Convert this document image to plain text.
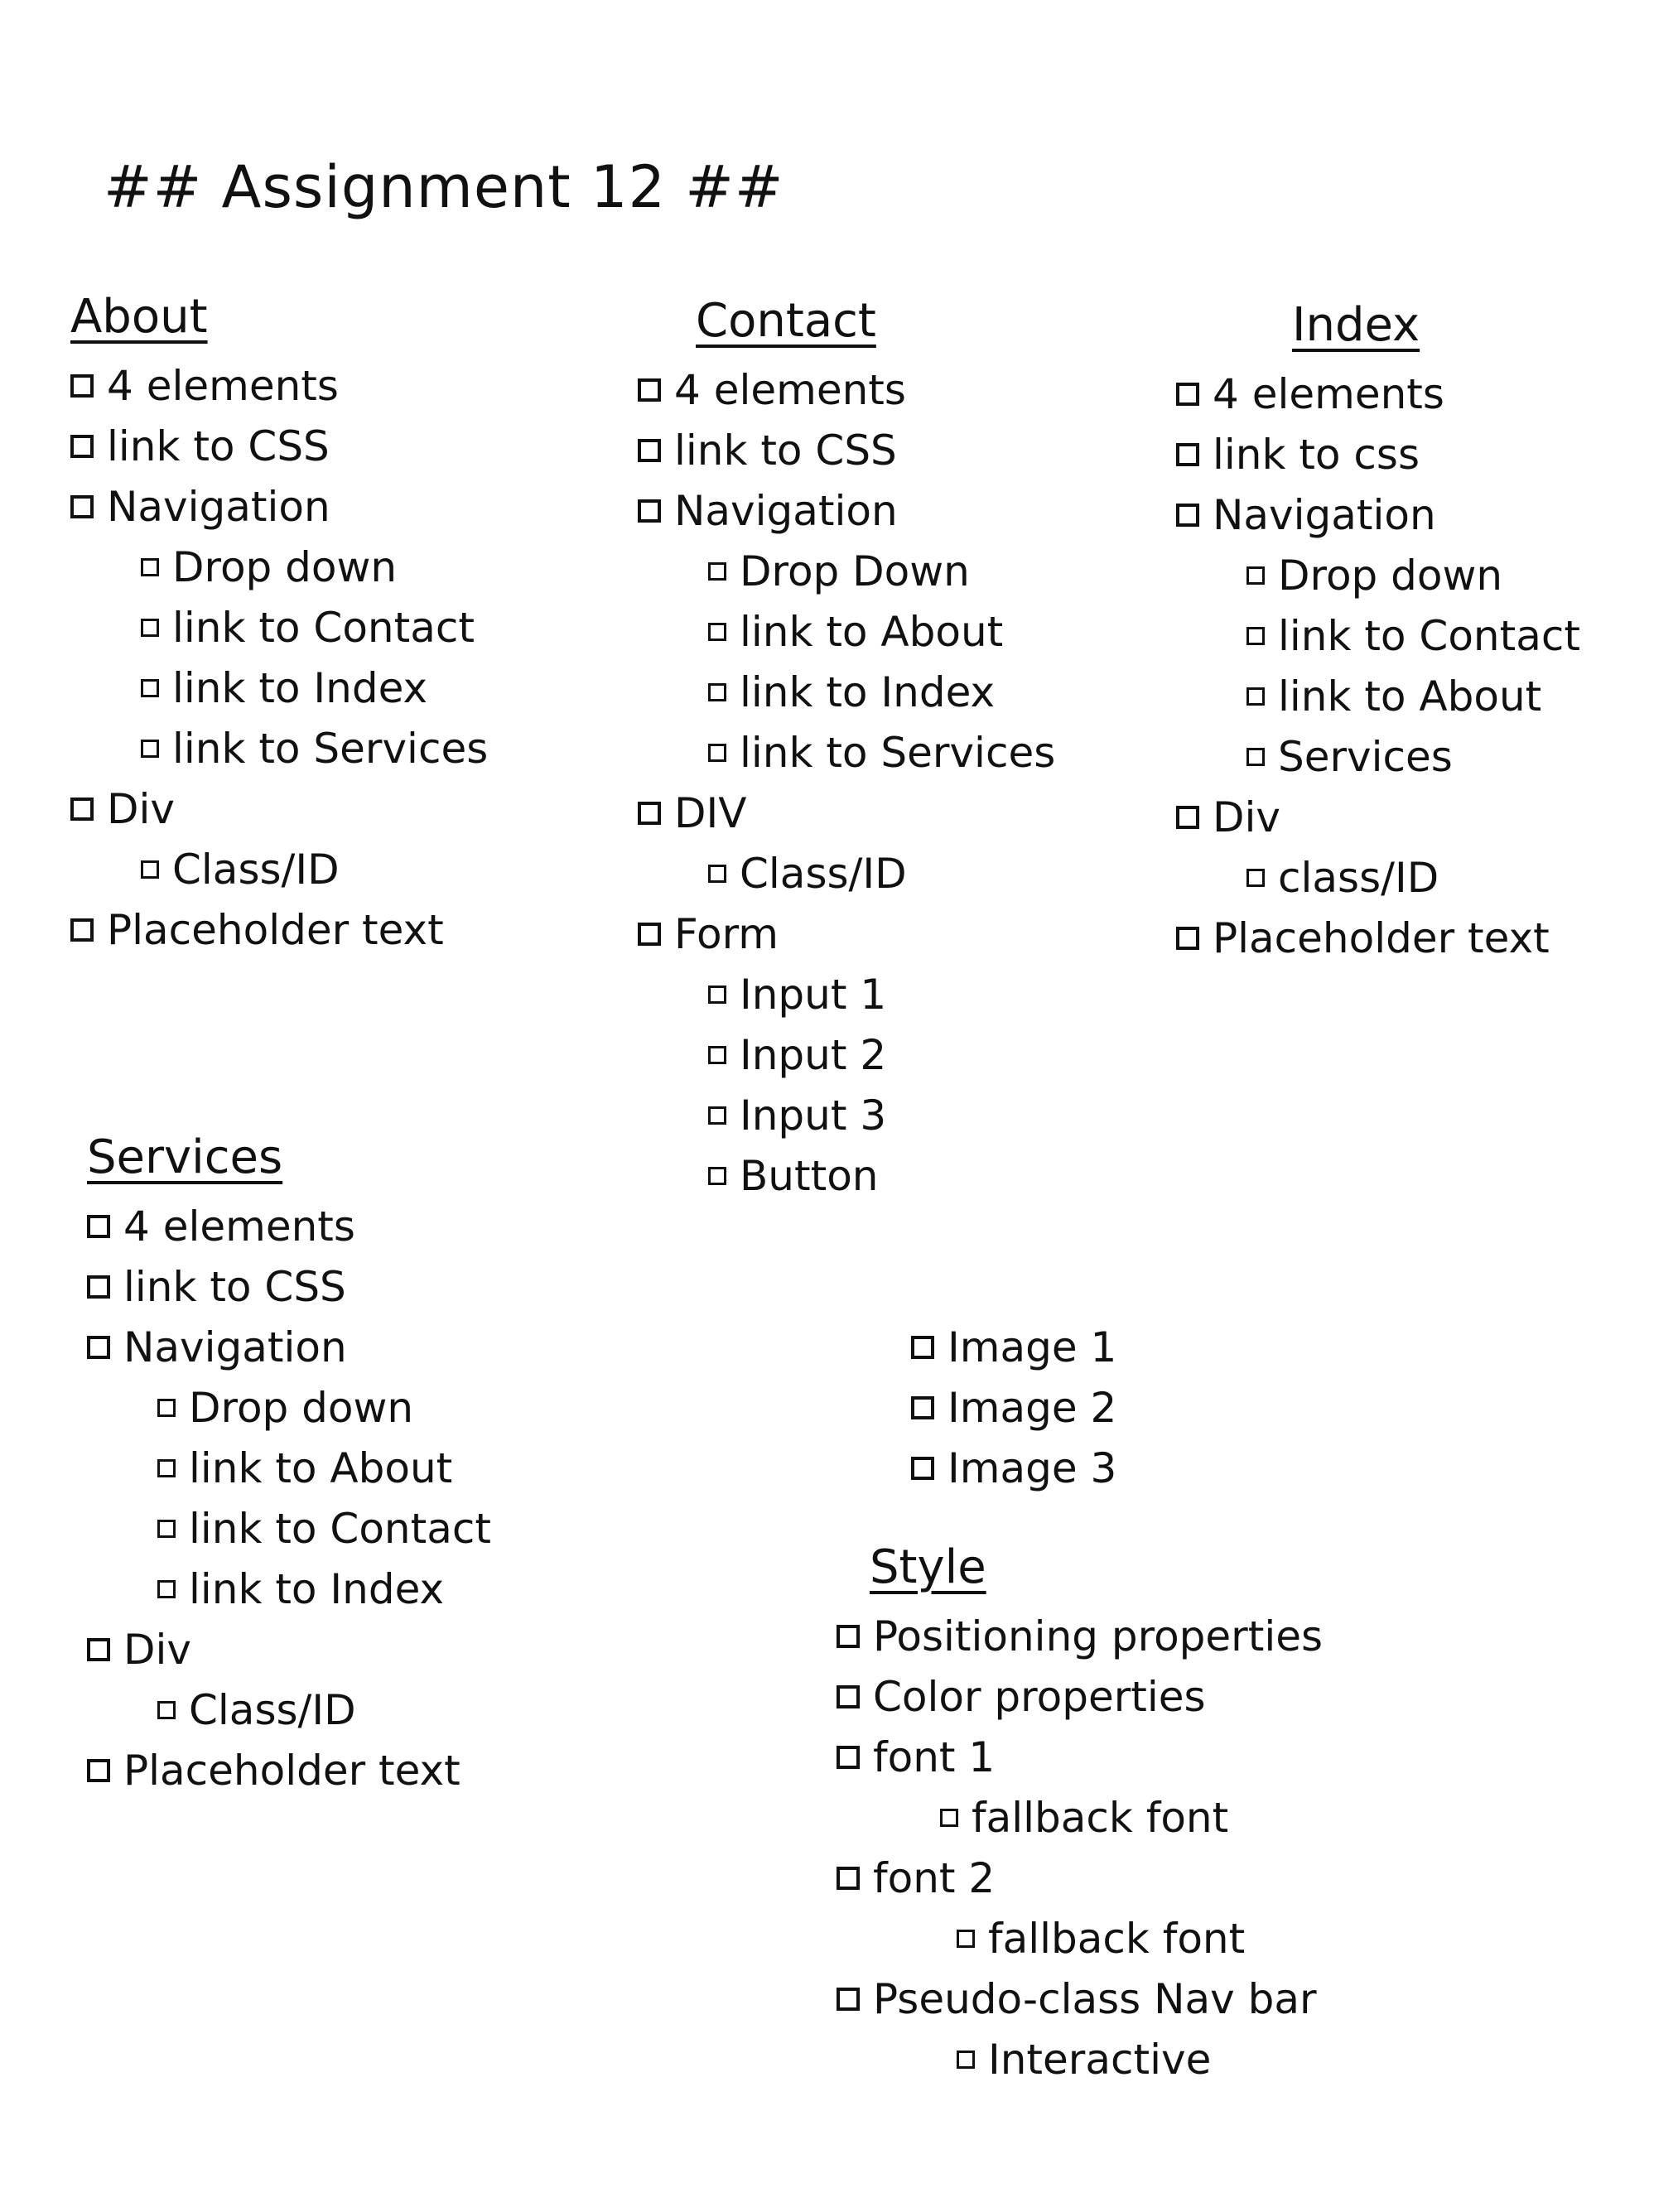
## Assignment 12 ##
About
4 elements
link to CSS
Navigation
Drop down
link to Contact
link to Index
link to Services
Div
Class/ID
Placeholder text
Contact
4 elements
link to CSS
Navigation
Drop Down
link to About
link to Index
link to Services
DIV
Class/ID
Form
Input 1
Input 2
Input 3
Button
Index
4 elements
link to css
Navigation
Drop down
link to Contact
link to About
Services
Div
class/ID
Placeholder text
Services
4 elements
link to CSS
Navigation
Drop down
link to About
link to Contact
link to Index
Div
Class/ID
Placeholder text
Image 1
Image 2
Image 3
Style
Positioning properties
Color properties
font 1
fallback font
font 2
fallback font
Pseudo-class Nav bar
Interactive
